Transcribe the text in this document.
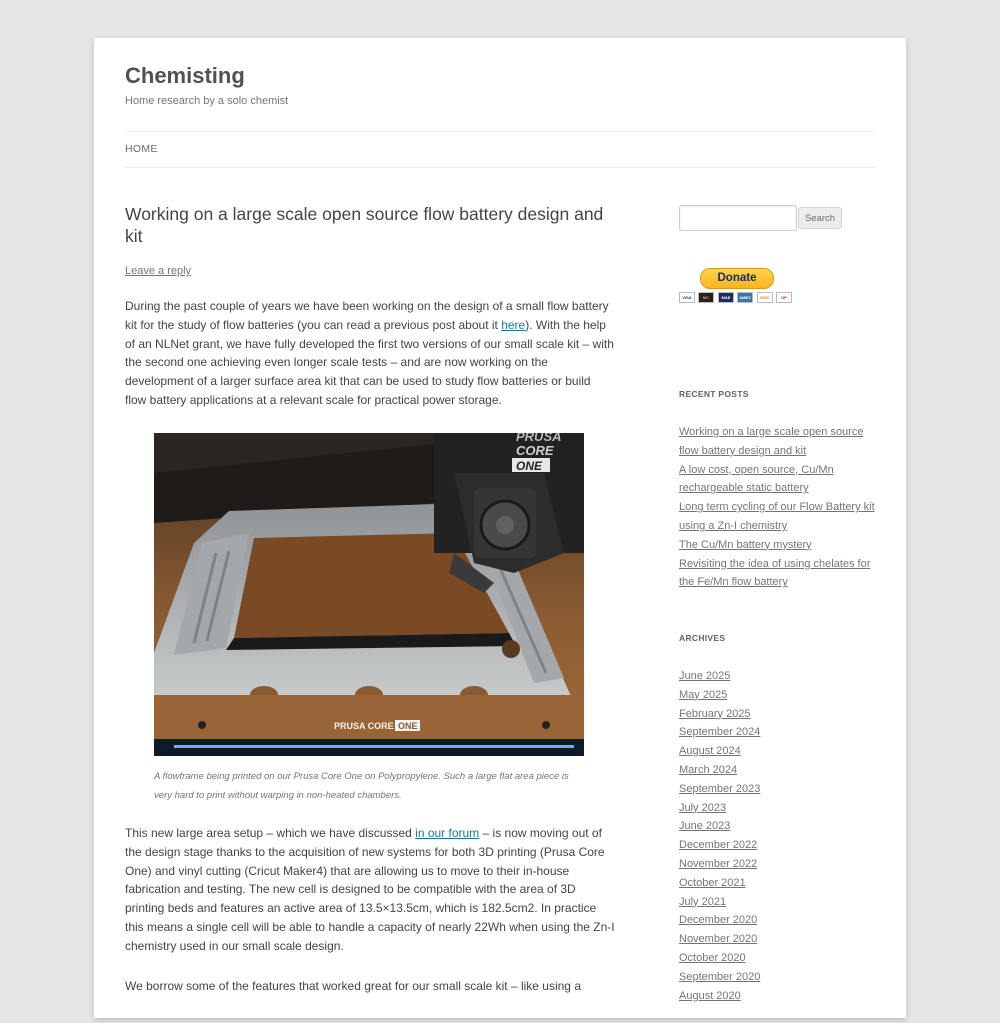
Chemisting

Home research by a solo chemist

HOME
Working on a large scale open source flow battery design and kit
Leave a reply

During the past couple of years we have been working on the design of a small flow battery kit for the study of flow batteries (you can read a previous post about it here). With the help of an NLNet grant, we have fully developed the first two versions of our small scale kit – with the second one achieving even longer scale tests – and are now working on the development of a larger surface area kit that can be used to study flow batteries or build flow battery applications at a relevant scale for practical power storage.

PRUSA
CORE
ONE
PRUSA CORE ONE
A flowframe being printed on our Prusa Core One on Polypropylene. Such a large flat area piece is very hard to print without warping in non-heated chambers.

This new large area setup – which we have discussed in our forum – is now moving out of the design stage thanks to the acquisition of new systems for both 3D printing (Prusa Core One) and vinyl cutting (Cricut Maker4) that are allowing us to move to their in-house fabrication and testing. The new cell is designed to be compatible with the area of 3D printing beds and features an active area of 13.5×13.5cm, which is 182.5cm2. In practice this means a single cell will be able to handle a capacity of nearly 22Wh when using the Zn-I chemistry used in our small scale design.

We borrow some of the features that worked great for our small scale kit – like using a

Search
Donate
VISA	MC	MAE	AMEX	DISC	UP
RECENT POSTS
Working on a large scale open source flow battery design and kit
A low cost, open source, Cu/Mn rechargeable static battery
Long term cycling of our Flow Battery kit using a Zn-I chemistry
The Cu/Mn battery mystery
Revisiting the idea of using chelates for the Fe/Mn flow battery
ARCHIVES
June 2025
May 2025
February 2025
September 2024
August 2024
March 2024
September 2023
July 2023
June 2023
December 2022
November 2022
October 2021
July 2021
December 2020
November 2020
October 2020
September 2020
August 2020
